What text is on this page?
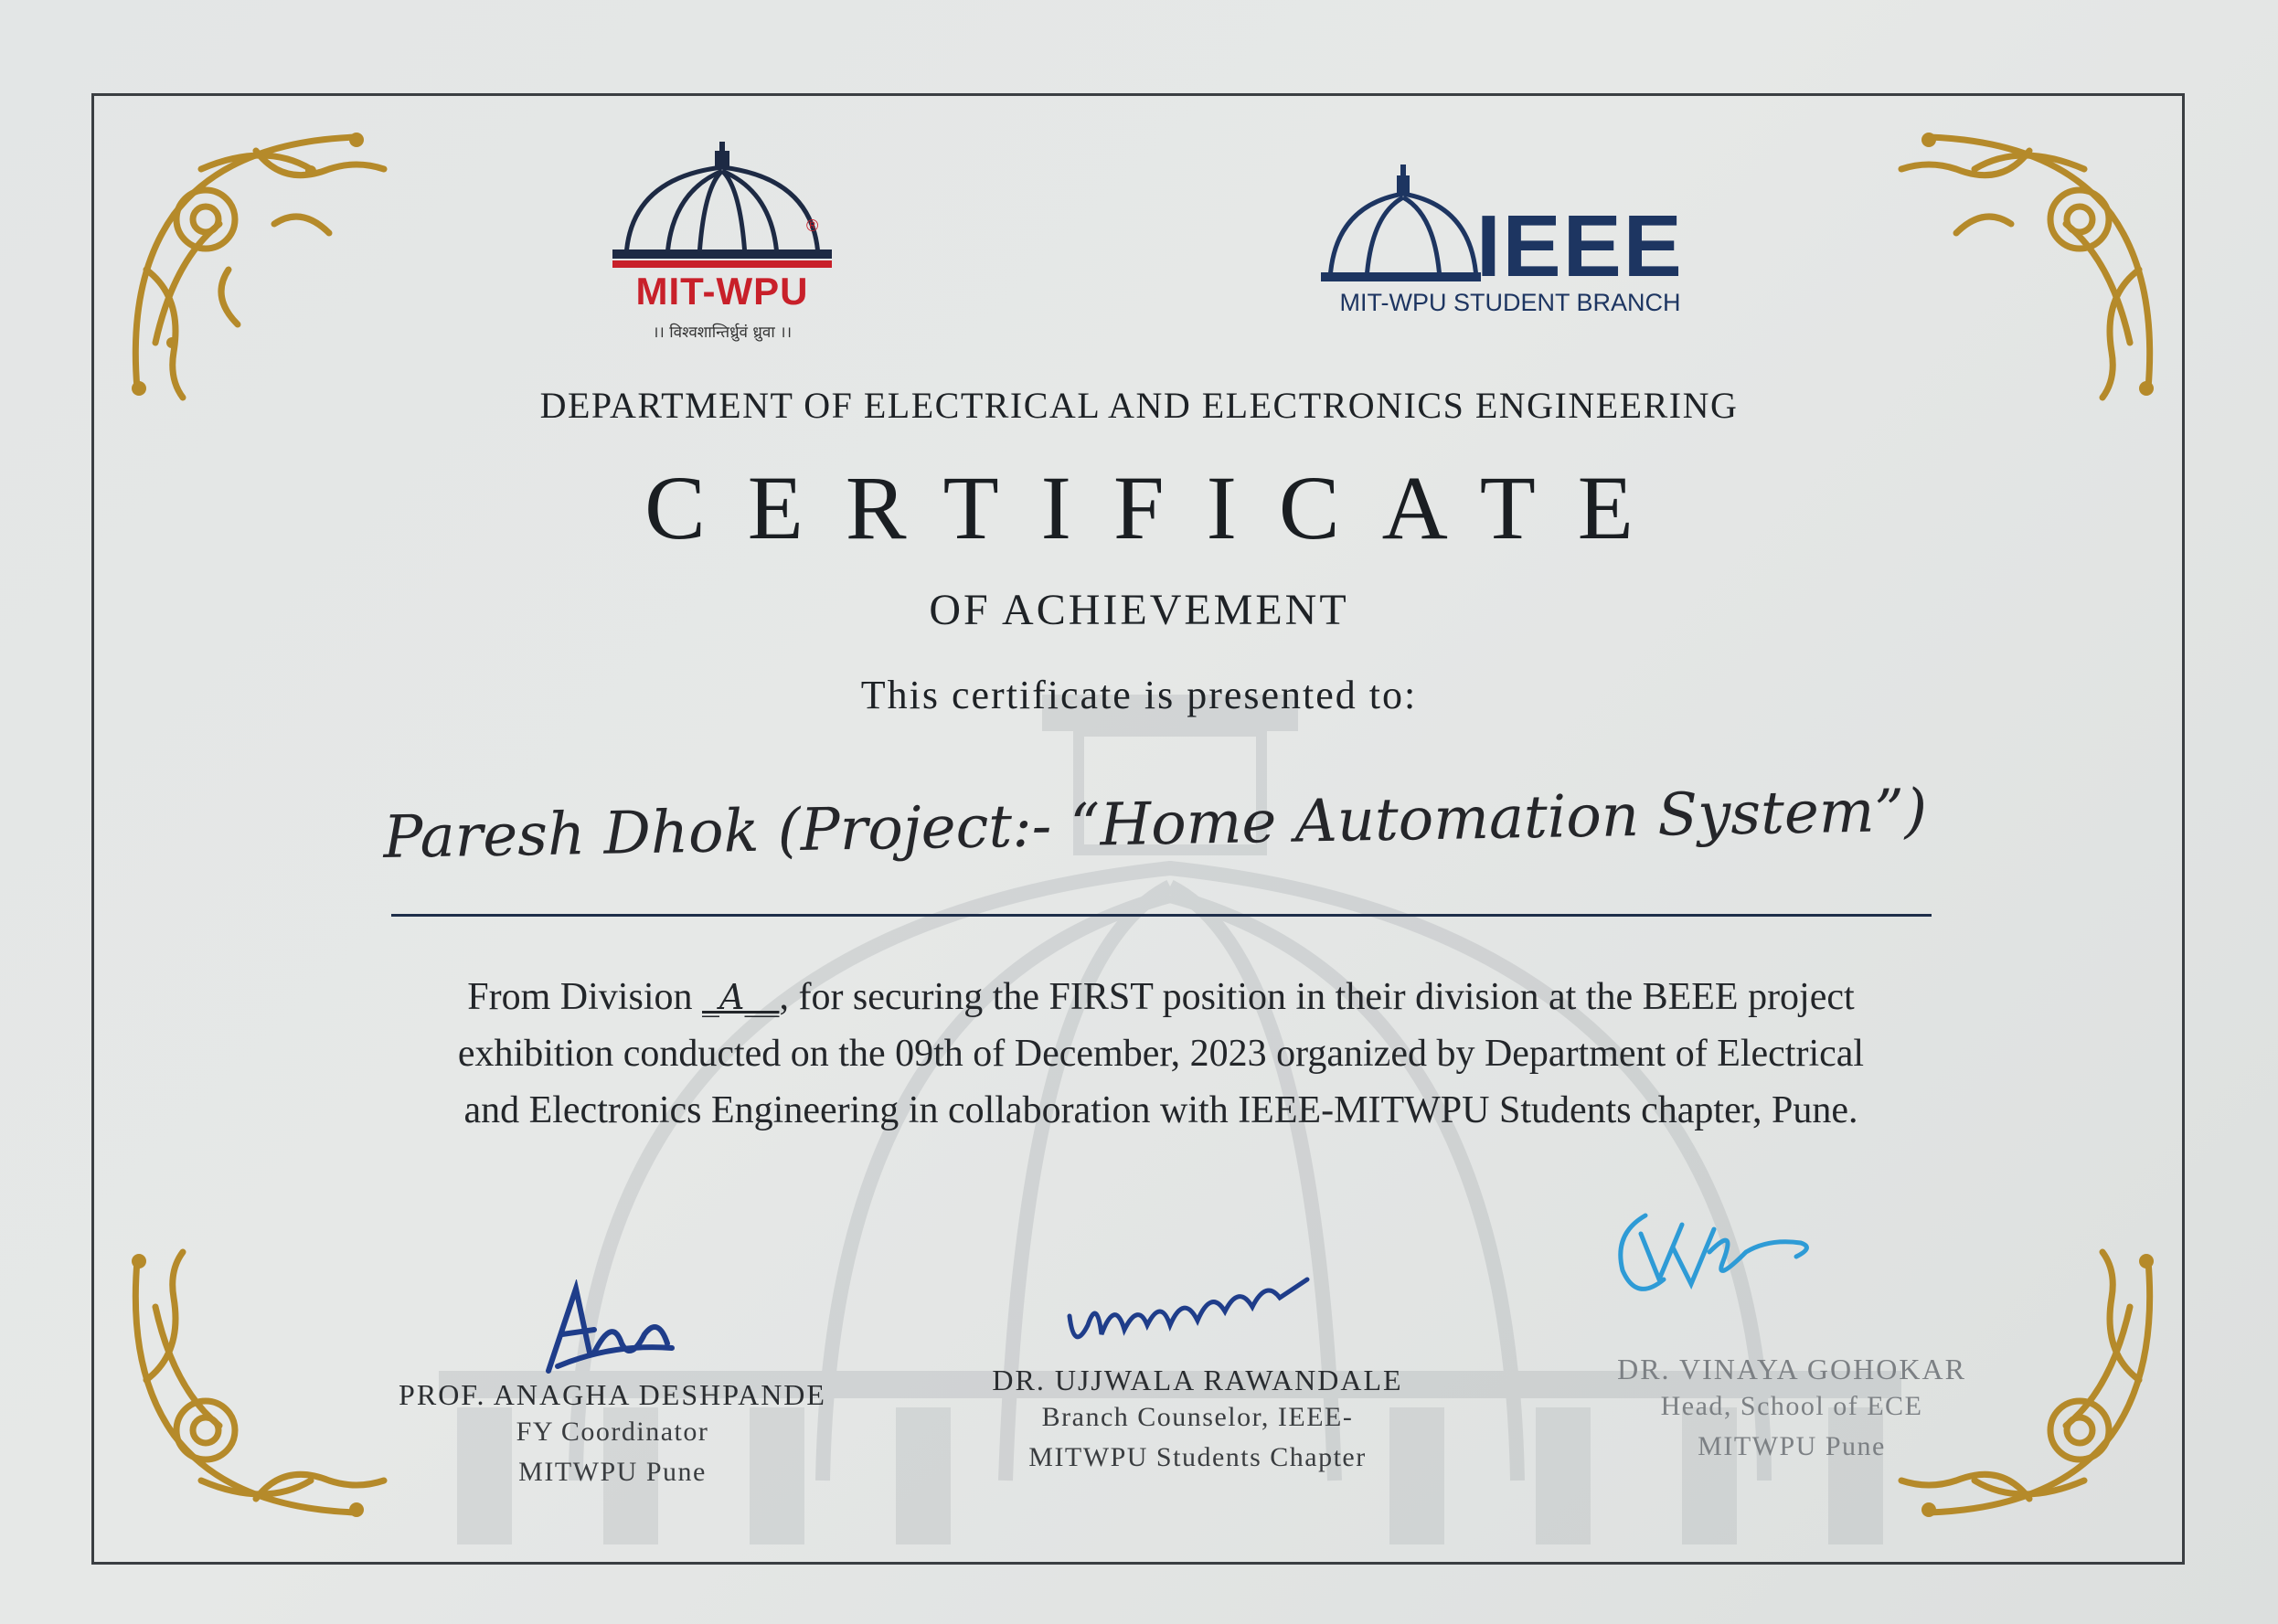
®
MIT-WPU
।। विश्वशान्तिर्ध्रुवं ध्रुवा ।।
IEEE
MIT-WPU STUDENT BRANCH
DEPARTMENT OF ELECTRICAL AND ELECTRONICS ENGINEERING
CERTIFICATE
OF ACHIEVEMENT
This certificate is presented to:
Paresh Dhok (Project:- “Home Automation System”)
From Division _A__, for securing the FIRST position in their division at the BEEE project exhibition conducted on the 09th of December, 2023 organized by Department of Electrical and Electronics Engineering in collaboration with IEEE-MITWPU Students chapter, Pune.
PROF. ANAGHA DESHPANDE
FY Coordinator
MITWPU Pune
DR. UJJWALA RAWANDALE
Branch Counselor, IEEE-
MITWPU Students Chapter
DR. VINAYA GOHOKAR
Head, School of ECE
MITWPU Pune
